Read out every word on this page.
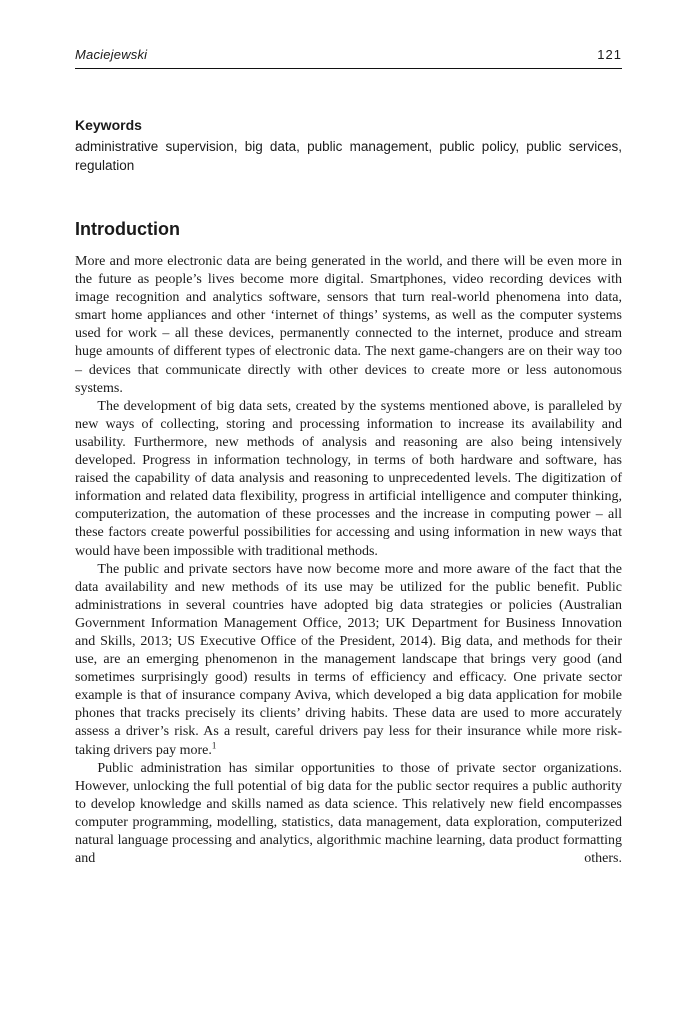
Maciejewski	121
Keywords

administrative supervision, big data, public management, public policy, public services, regulation

Introduction

More and more electronic data are being generated in the world, and there will be even more in the future as people’s lives become more digital. Smartphones, video recording devices with image recognition and analytics software, sensors that turn real-world phenomena into data, smart home appliances and other ‘internet of things’ systems, as well as the computer systems used for work – all these devices, permanently connected to the internet, produce and stream huge amounts of different types of electronic data. The next game-changers are on their way too – devices that communicate directly with other devices to create more or less autonomous systems.

The development of big data sets, created by the systems mentioned above, is paralleled by new ways of collecting, storing and processing information to increase its availability and usability. Furthermore, new methods of analysis and reasoning are also being intensively developed. Progress in information technology, in terms of both hardware and software, has raised the capability of data analysis and reasoning to unprecedented levels. The digitization of information and related data flexibility, progress in artificial intelligence and computer thinking, computerization, the automation of these processes and the increase in computing power – all these factors create powerful possibilities for accessing and using information in new ways that would have been impossible with traditional methods.

The public and private sectors have now become more and more aware of the fact that the data availability and new methods of its use may be utilized for the public benefit. Public administrations in several countries have adopted big data strategies or policies (Australian Government Information Management Office, 2013; UK Department for Business Innovation and Skills, 2013; US Executive Office of the President, 2014). Big data, and methods for their use, are an emerging phenomenon in the management landscape that brings very good (and sometimes surprisingly good) results in terms of efficiency and efficacy. One private sector example is that of insurance company Aviva, which developed a big data application for mobile phones that tracks precisely its clients’ driving habits. These data are used to more accurately assess a driver’s risk. As a result, careful drivers pay less for their insurance while more risk-taking drivers pay more.$^1$

Public administration has similar opportunities to those of private sector organizations. However, unlocking the full potential of big data for the public sector requires a public authority to develop knowledge and skills named as data science. This relatively new field encompasses computer programming, modelling, statistics, data management, data exploration, computerized natural language processing and analytics, algorithmic machine learning, data product formatting and others.
